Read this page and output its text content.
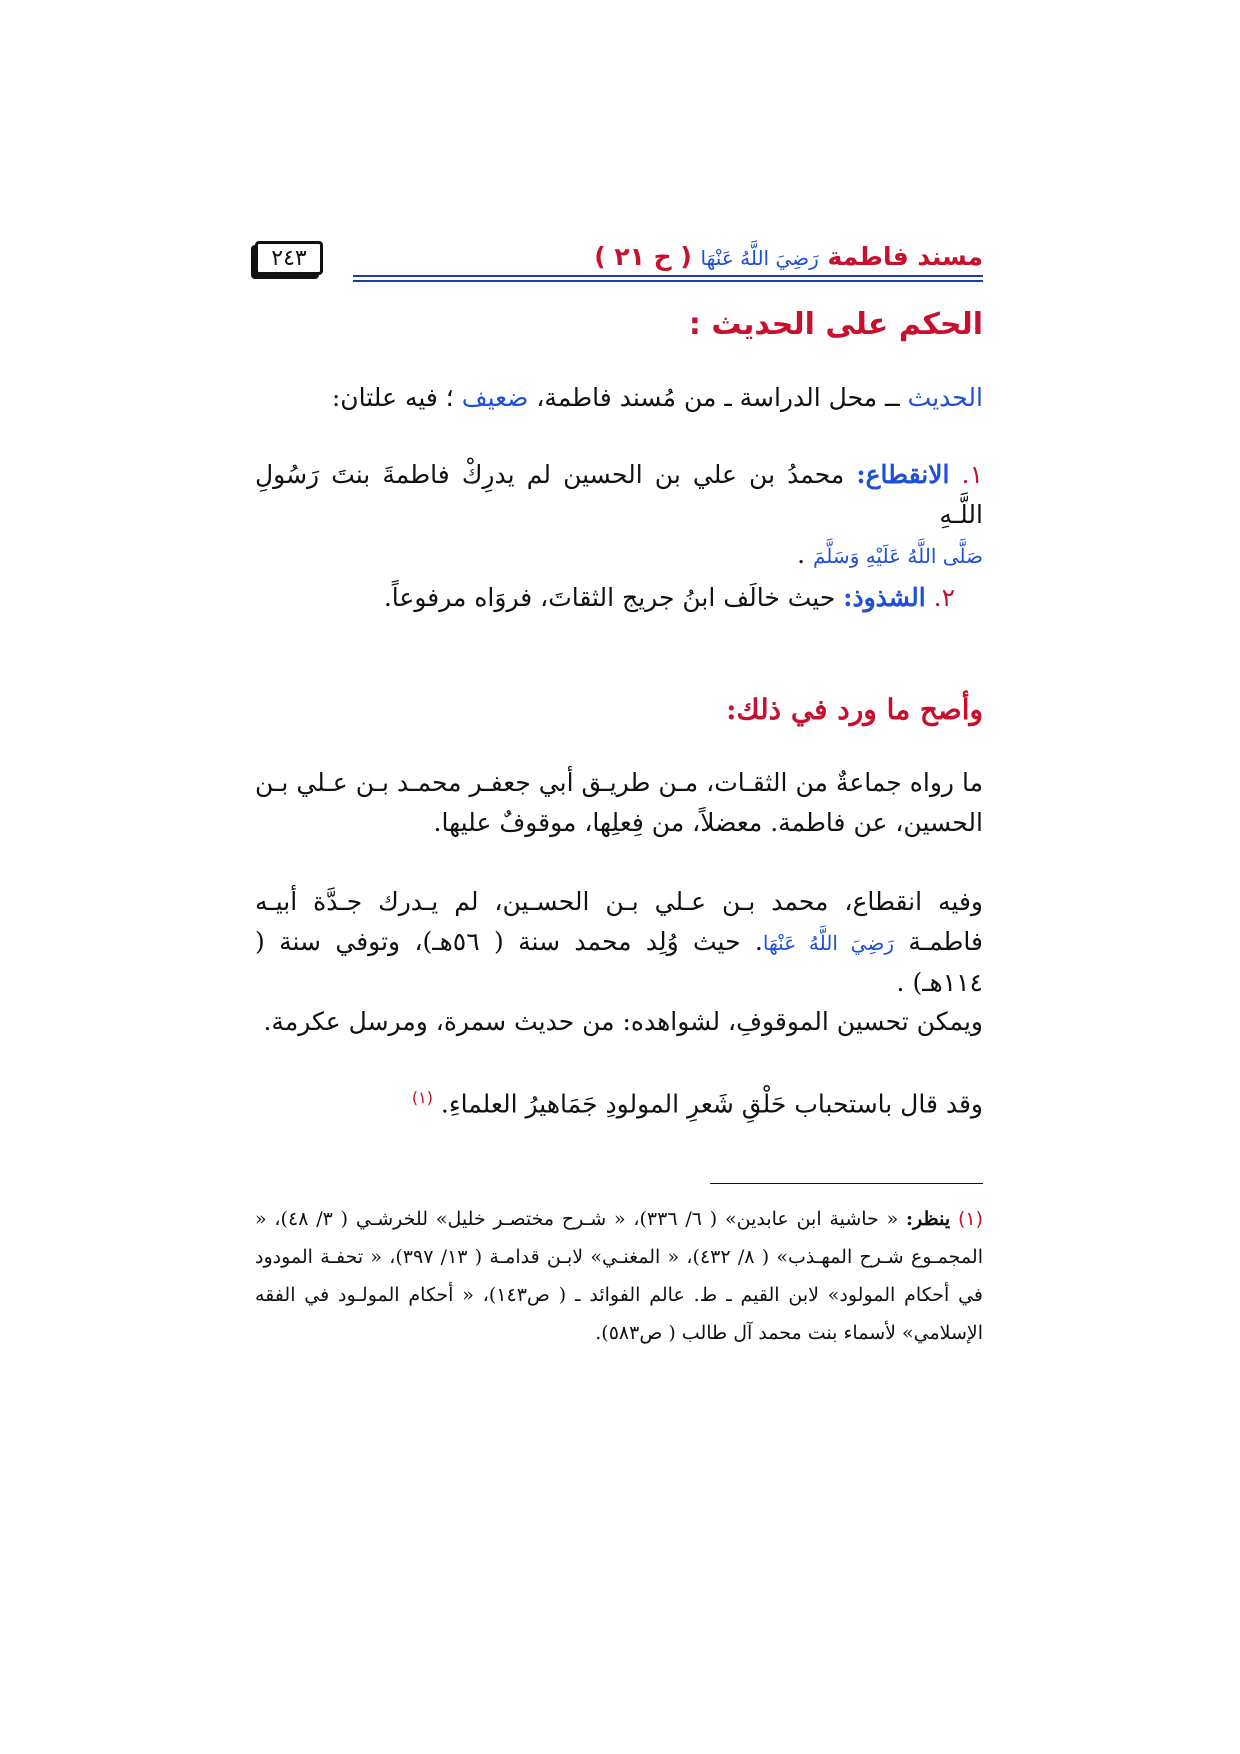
مسند فاطمة رَضِيَ اللَّهُ عَنْهَا ( ح ٢١ )
٢٤٣
الحكم على الحديث :
الحديث ــ محل الدراسة ـ من مُسند فاطمة، ضعيف ؛ فيه علتان:
١. الانقطاع: محمدُ بن علي بن الحسين لم يدرِكْ فاطمةَ بنتَ رَسُولِ اللَّـهِ
صَلَّى اللَّهُ عَلَيْهِ وَسَلَّمَ .
٢. الشذوذ: حيث خالَف ابنُ جريج الثقاتَ، فروَاه مرفوعاً.
وأصح ما ورد في ذلك:
ما رواه جماعةٌ من الثقـات، مـن طريـق أبي جعفـر محمـد بـن عـلي بـن الحسين، عن فاطمة. معضلاً، من فِعلِها، موقوفٌ عليها.
وفيه انقطاع، محمد بـن عـلي بـن الحسـين، لم يـدرك جـدَّة أبيـه فاطمـة رَضِيَ اللَّهُ عَنْهَا. حيث وُلِد محمد سنة ( ٥٦هـ)، وتوفي سنة ( ١١٤هـ) .
ويمكن تحسين الموقوفِ، لشواهده: من حديث سمرة، ومرسل عكرمة.
وقد قال باستحباب حَلْقِ شَعرِ المولودِ جَمَاهيرُ العلماءِ. $^{(١)}$
(١) ينظر: « حاشية ابن عابدين» ( ٦/ ٣٣٦)، « شـرح مختصـر خليل» للخرشـي ( ٣/ ٤٨)، « المجمـوع شـرح المهـذب» ( ٨/ ٤٣٢)، « المغنـي» لابـن قدامـة ( ١٣/ ٣٩٧)، « تحفـة المودود في أحكام المولود» لابن القيم ـ ط. عالم الفوائد ـ ( ص١٤٣)، « أحكام المولـود في الفقه الإسلامي» لأسماء بنت محمد آل طالب ( ص٥٨٣).
